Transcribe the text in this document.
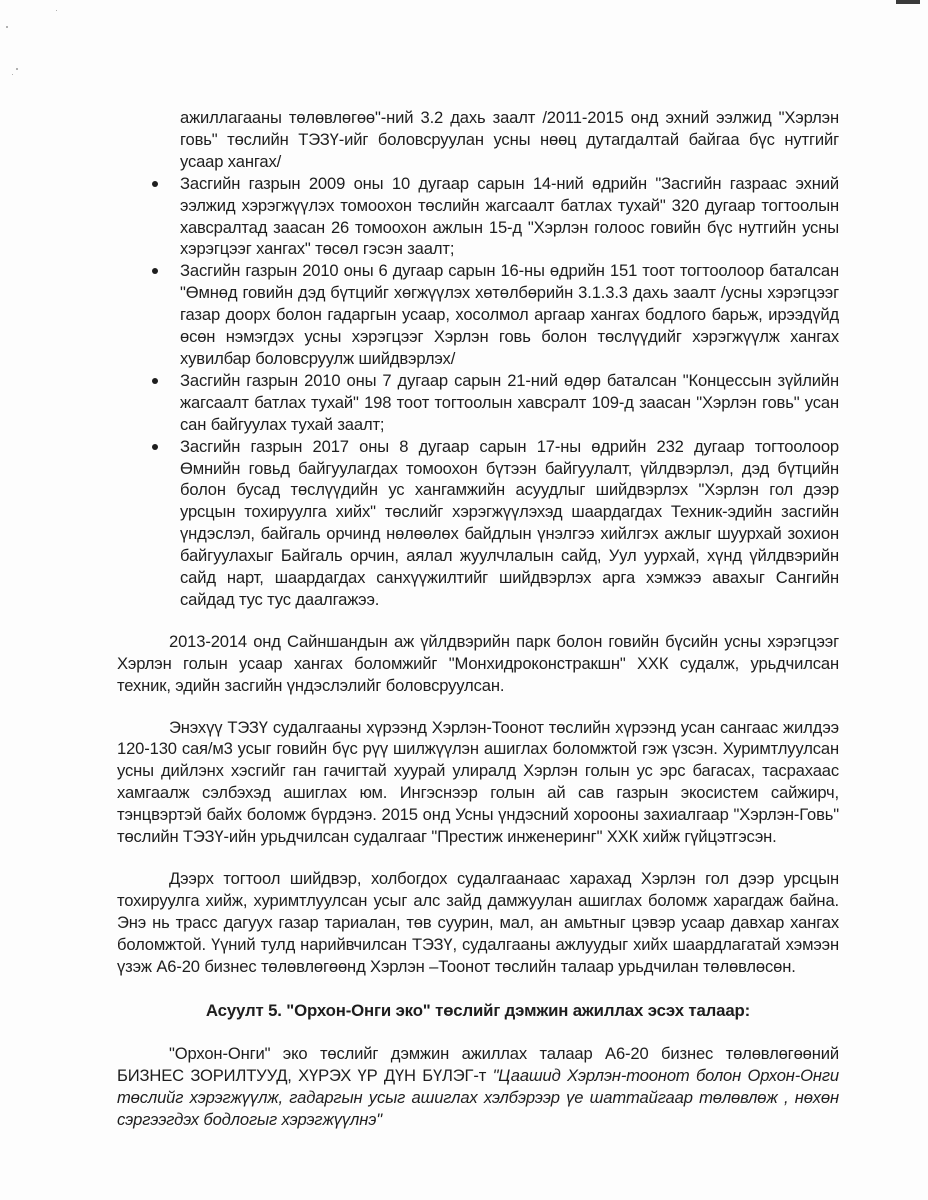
ажиллагааны төлөвлөгөө"-ний 3.2 дахь заалт /2011-2015 онд эхний ээлжид "Хэрлэн говь" төслийн ТЭЗҮ-ийг боловсруулан усны нөөц дутагдалтай байгаа бүс нутгийг усаар хангах/

Засгийн газрын 2009 оны 10 дугаар сарын 14-ний өдрийн "Засгийн газраас эхний ээлжид хэрэгжүүлэх томоохон төслийн жагсаалт батлах тухай" 320 дугаар тогтоолын хавсралтад заасан 26 томоохон ажлын 15-д "Хэрлэн голоос говийн бүс нутгийн усны хэрэгцээг хангах" төсөл гэсэн заалт;
Засгийн газрын 2010 оны 6 дугаар сарын 16-ны өдрийн 151 тоот тогтоолоор баталсан "Өмнөд говийн дэд бүтцийг хөгжүүлэх хөтөлбөрийн 3.1.3.3 дахь заалт /усны хэрэгцээг газар доорх болон гадаргын усаар, хосолмол аргаар хангах бодлого барьж, ирээдүйд өсөн нэмэгдэх усны хэрэгцээг Хэрлэн говь болон төслүүдийг хэрэгжүүлж хангах хувилбар боловсруулж шийдвэрлэх/
Засгийн газрын 2010 оны 7 дугаар сарын 21-ний өдөр баталсан "Концессын зүйлийн жагсаалт батлах тухай" 198 тоот тогтоолын хавсралт 109-д заасан "Хэрлэн говь" усан сан байгуулах тухай заалт;
Засгийн газрын 2017 оны 8 дугаар сарын 17-ны өдрийн 232 дугаар тогтоолоор Өмнийн говьд байгуулагдах томоохон бүтээн байгуулалт, үйлдвэрлэл, дэд бүтцийн болон бусад төслүүдийн ус хангамжийн асуудлыг шийдвэрлэх "Хэрлэн гол дээр урсцын тохируулга хийх" төслийг хэрэгжүүлэхэд шаардагдах Техник-эдийн засгийн үндэслэл, байгаль орчинд нөлөөлөх байдлын үнэлгээ хийлгэх ажлыг шуурхай зохион байгуулахыг Байгаль орчин, аялал жуулчлалын сайд, Уул уурхай, хүнд үйлдвэрийн сайд нарт, шаардагдах санхүүжилтийг шийдвэрлэх арга хэмжээ авахыг Сангийн сайдад тус тус даалгажээ.

2013-2014 онд Сайншандын аж үйлдвэрийн парк болон говийн бүсийн усны хэрэгцээг Хэрлэн голын усаар хангах боломжийг "Монхидроконстракшн" ХХК судалж, урьдчилсан техник, эдийн засгийн үндэслэлийг боловсруулсан.

Энэхүү ТЭЗҮ судалгааны хүрээнд Хэрлэн-Тоонот төслийн хүрээнд усан сангаас жилдээ 120-130 сая/м3 усыг говийн бүс рүү шилжүүлэн ашиглах боломжтой гэж үзсэн. Хуримтлуулсан усны дийлэнх хэсгийг ган гачигтай хуурай улиралд Хэрлэн голын ус эрс багасах, тасрахаас хамгаалж сэлбэхэд ашиглах юм. Ингэснээр голын ай сав газрын экосистем сайжирч, тэнцвэртэй байх боломж бүрдэнэ. 2015 онд Усны үндэсний хорооны захиалгаар "Хэрлэн-Говь" төслийн ТЭЗҮ-ийн урьдчилсан судалгааг "Престиж инженеринг" ХХК хийж гүйцэтгэсэн.

Дээрх тогтоол шийдвэр, холбогдох судалгаанаас харахад Хэрлэн гол дээр урсцын тохируулга хийж, хуримтлуулсан усыг алс зайд дамжуулан ашиглах боломж харагдаж байна. Энэ нь трасс дагуух газар тариалан, төв суурин, мал, ан амьтныг цэвэр усаар давхар хангах боломжтой. Үүний тулд нарийвчилсан ТЭЗҮ, судалгааны ажлуудыг хийх шаардлагатай хэмээн үзэж А6-20 бизнес төлөвлөгөөнд Хэрлэн –Тоонот төслийн талаар урьдчилан төлөвлөсөн.

Асуулт 5. "Орхон-Онги эко" төслийг дэмжин ажиллах эсэх талаар:

"Орхон-Онги" эко төслийг дэмжин ажиллах талаар А6-20 бизнес төлөвлөгөөний БИЗНЕС ЗОРИЛТУУД, ХҮРЭХ ҮР ДҮН БҮЛЭГ-т "Цаашид Хэрлэн-тоонот болон Орхон-Онги төслийг хэрэгжүүлж, гадаргын усыг ашиглах хэлбэрээр үе шаттайгаар төлөвлөж , нөхөн сэргээгдэх бодлогыг хэрэгжүүлнэ"
